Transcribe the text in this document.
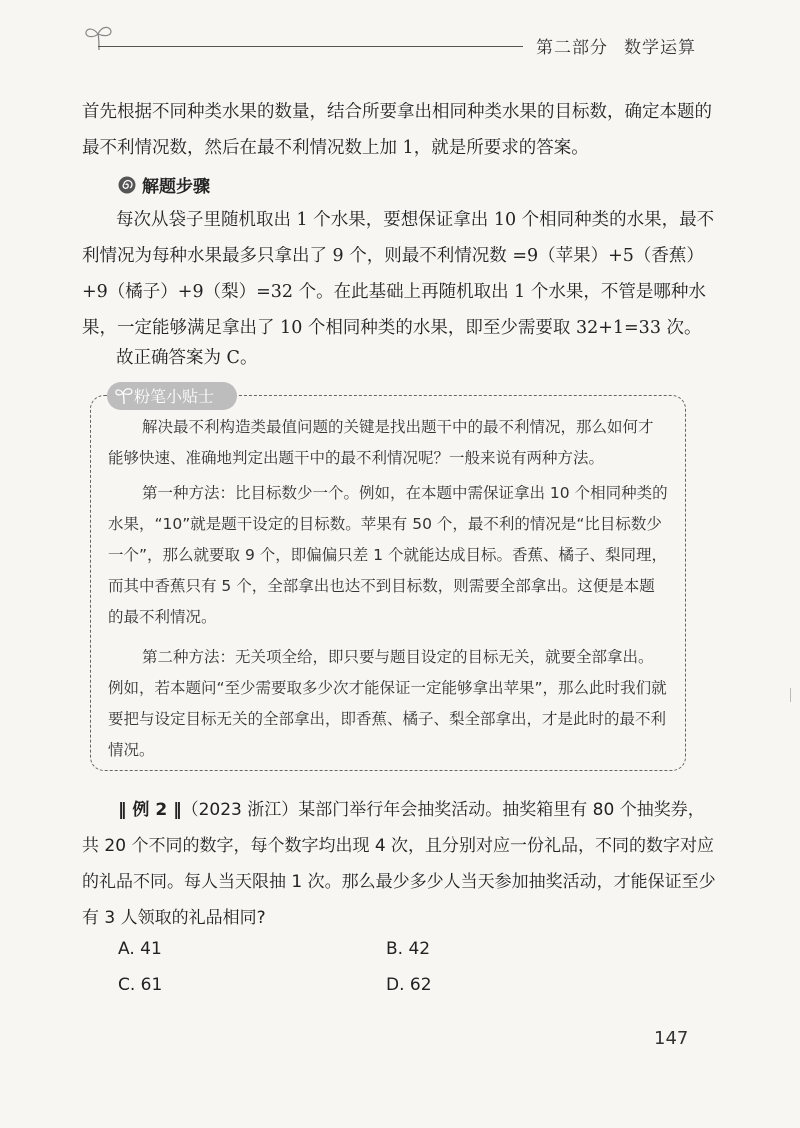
第二部分 数学运算

首先根据不同种类水果的数量，结合所要拿出相同种类水果的目标数，确定本题的最不利情况数，然后在最不利情况数上加 1，就是所要求的答案。

解题步骤

每次从袋子里随机取出 1 个水果，要想保证拿出 10 个相同种类的水果，最不利情况为每种水果最多只拿出了 9 个，则最不利情况数 =9（苹果）+5（香蕉）+9（橘子）+9（梨）=32 个。在此基础上再随机取出 1 个水果，不管是哪种水果，一定能够满足拿出了 10 个相同种类的水果，即至少需要取 32+1=33 次。

故正确答案为 C。

粉笔小贴士

解决最不利构造类最值问题的关键是找出题干中的最不利情况，那么如何才能够快速、准确地判定出题干中的最不利情况呢？一般来说有两种方法。

第一种方法：比目标数少一个。例如，在本题中需保证拿出 10 个相同种类的水果，“10”就是题干设定的目标数。苹果有 50 个，最不利的情况是“比目标数少一个”，那么就要取 9 个，即偏偏只差 1 个就能达成目标。香蕉、橘子、梨同理，而其中香蕉只有 5 个，全部拿出也达不到目标数，则需要全部拿出。这便是本题的最不利情况。

第二种方法：无关项全给，即只要与题目设定的目标无关，就要全部拿出。例如，若本题问“至少需要取多少次才能保证一定能够拿出苹果”，那么此时我们就要把与设定目标无关的全部拿出，即香蕉、橘子、梨全部拿出，才是此时的最不利情况。

‖ 例 2 ‖（2023 浙江）某部门举行年会抽奖活动。抽奖箱里有 80 个抽奖券，共 20 个不同的数字，每个数字均出现 4 次，且分别对应一份礼品，不同的数字对应的礼品不同。每人当天限抽 1 次。那么最少多少人当天参加抽奖活动，才能保证至少有 3 人领取的礼品相同?

A. 41	B. 42
C. 61	D. 62
147
